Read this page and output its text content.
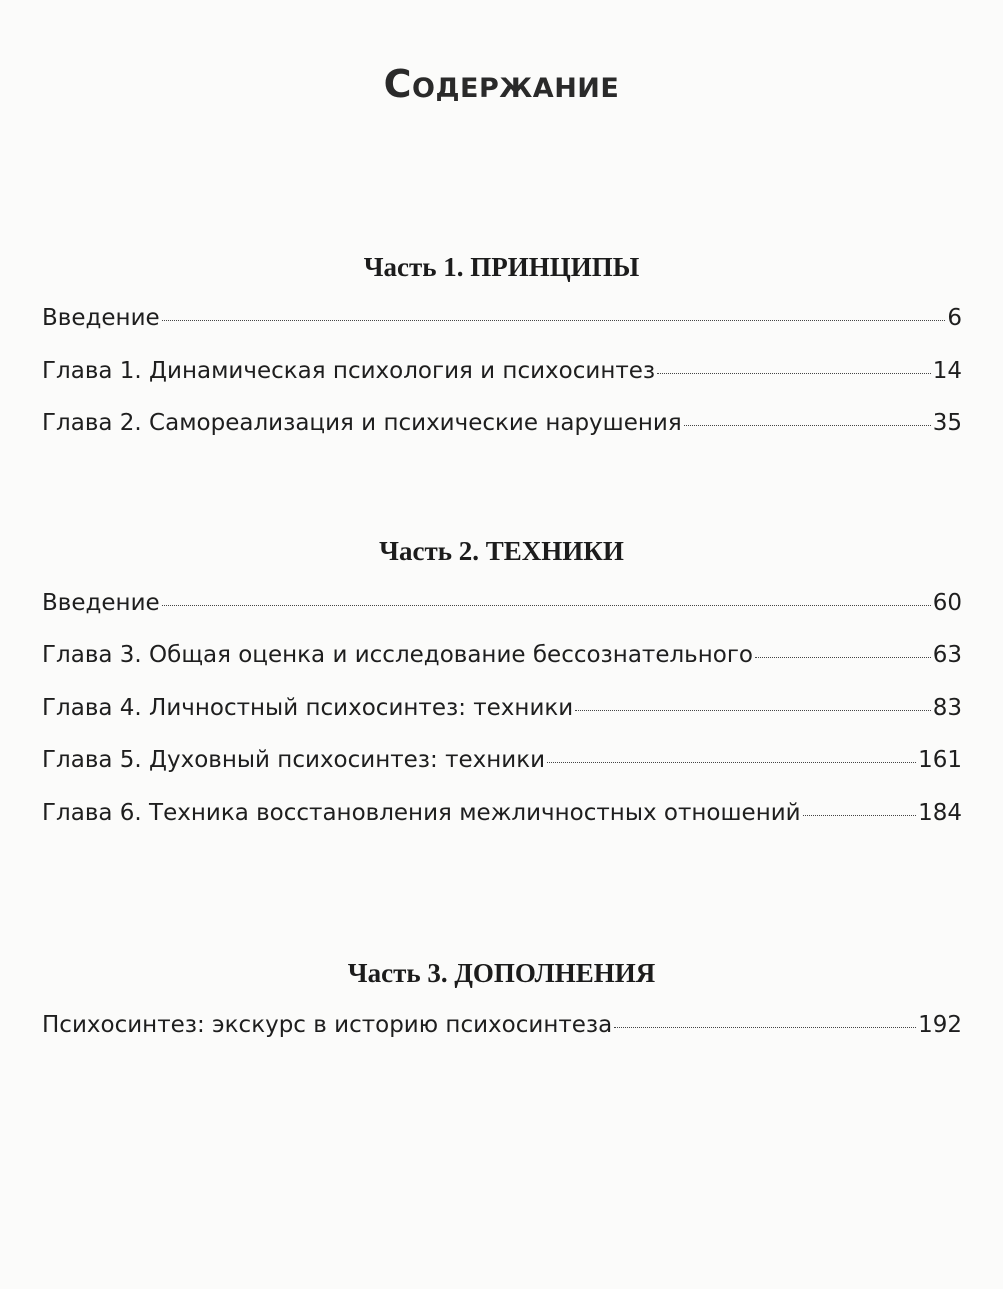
Содержание
Часть 1. ПРИНЦИПЫ
Введение	6
Глава 1. Динамическая психология и психосинтез	14
Глава 2. Самореализация и психические нарушения	35
Часть 2. ТЕХНИКИ
Введение	60
Глава 3. Общая оценка и исследование бессознательного	63
Глава 4. Личностный психосинтез: техники	83
Глава 5. Духовный психосинтез: техники	161
Глава 6. Техника восстановления межличностных отношений	184
Часть 3. ДОПОЛНЕНИЯ
Психосинтез: экскурс в историю психосинтеза	192
